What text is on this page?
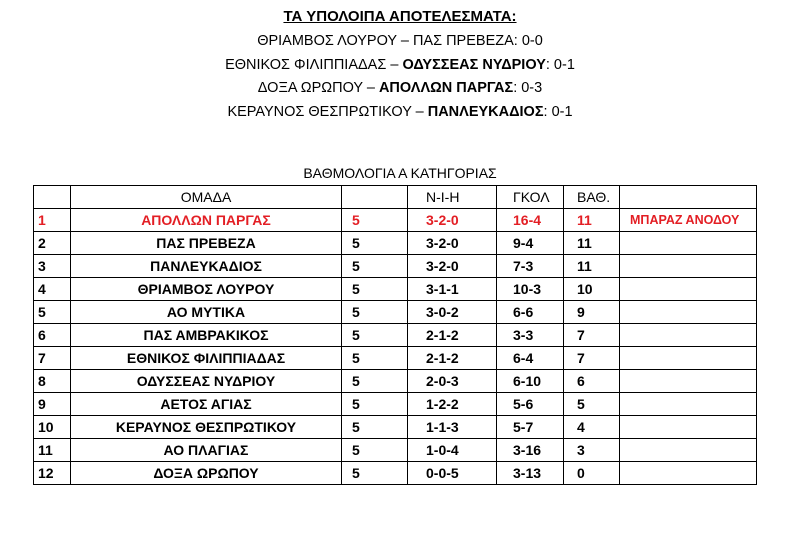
ΤΑ ΥΠΟΛΟΙΠΑ ΑΠΟΤΕΛΕΣΜΑΤΑ:
ΘΡΙΑΜΒΟΣ ΛΟΥΡΟΥ – ΠΑΣ ΠΡΕΒΕΖΑ: 0-0
ΕΘΝΙΚΟΣ ΦΙΛΙΠΠΙΑΔΑΣ – ΟΔΥΣΣΕΑΣ ΝΥΔΡΙΟΥ: 0-1
ΔΟΞΑ ΩΡΩΠΟΥ – ΑΠΟΛΛΩΝ ΠΑΡΓΑΣ: 0-3
ΚΕΡΑΥΝΟΣ ΘΕΣΠΡΩΤΙΚΟΥ – ΠΑΝΛΕΥΚΑΔΙΟΣ: 0-1
ΒΑΘΜΟΛΟΓΙΑ Α ΚΑΤΗΓΟΡΙΑΣ
	ΟΜΑΔΑ		Ν-Ι-Η	ΓΚΟΛ	ΒΑΘ.	
1	ΑΠΟΛΛΩΝ ΠΑΡΓΑΣ	5	3-2-0	16-4	11	ΜΠΑΡΑΖ ΑΝΟΔΟΥ
2	ΠΑΣ ΠΡΕΒΕΖΑ	5	3-2-0	9-4	11	
3	ΠΑΝΛΕΥΚΑΔΙΟΣ	5	3-2-0	7-3	11	
4	ΘΡΙΑΜΒΟΣ ΛΟΥΡΟΥ	5	3-1-1	10-3	10	
5	ΑΟ ΜΥΤΙΚΑ	5	3-0-2	6-6	9	
6	ΠΑΣ ΑΜΒΡΑΚΙΚΟΣ	5	2-1-2	3-3	7	
7	ΕΘΝΙΚΟΣ ΦΙΛΙΠΠΙΑΔΑΣ	5	2-1-2	6-4	7	
8	ΟΔΥΣΣΕΑΣ ΝΥΔΡΙΟΥ	5	2-0-3	6-10	6	
9	ΑΕΤΟΣ ΑΓΙΑΣ	5	1-2-2	5-6	5	
10	ΚΕΡΑΥΝΟΣ ΘΕΣΠΡΩΤΙΚΟΥ	5	1-1-3	5-7	4	
11	ΑΟ ΠΛΑΓΙΑΣ	5	1-0-4	3-16	3	
12	ΔΟΞΑ ΩΡΩΠΟΥ	5	0-0-5	3-13	0	
